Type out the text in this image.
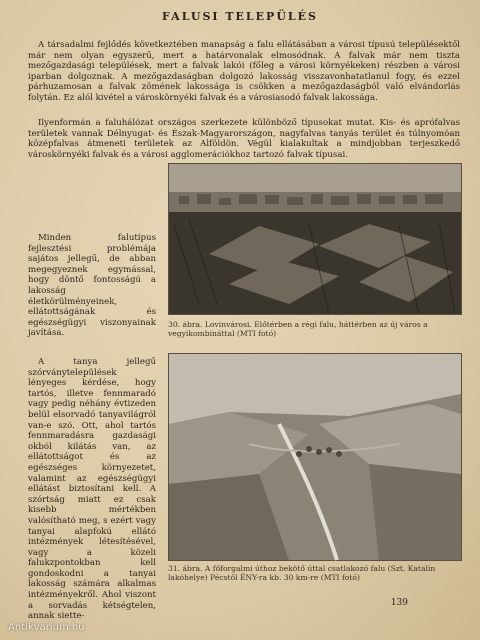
FALUSI TELEPÜLÉS
A társadalmi fejlődés következtében manapság a falu ellátásában a városi típusú településektől már nem olyan egyszerű, mert a határvonalak elmosódnak. A falvak már nem tiszta mezőgazdasági települések, mert a falvak lakói (főleg a városi környékeken) részben a városi iparban dolgoznak. A mezőgazdaságban dolgozó lakosság visszavonhatatlanul fogy, és ezzel párhuzamosan a falvak zömének lakossága is csökken a mezőgazdaságból való elvándorlás folytán. Ez alól kivétel a városkörnyéki falvak és a városiasodó falvak lakossága.
Ilyenformán a faluhálózat országos szerkezete különböző típusokat mutat. Kis- és aprófalvas területek vannak Délnyugat- és Észak-Magyarországon, nagyfalvas tanyás terület és túlnyomóan középfalvas átmeneti területek az Alföldön. Végül kialakultak a mindjobban terjeszkedő városkörnyéki falvak és a városi agglomerációkhoz tartozó falvak típusai.
Minden falutípus fejlesztési problémája sajátos jellegű, de abban megegyeznek egymással, hogy döntő fontosságú a lakosság életkörülményeinek, ellátottságának és egészségügyi viszonyainak javítása.
A tanya jellegű szórványtelepülések lényeges kérdése, hogy tartós, illetve fennmaradó vagy pedig néhány évtizeden belül elsorvadó tanyavilágról van-e szó. Ott, ahol tartós fennmaradásra gazdasági okból kilátás van, az ellátottságot és az egészséges környezetet, valamint az egészségügyi ellátást biztosítani kell. A szórtság miatt ez csak kisebb mértékben valósítható meg, s ezért vagy tanyai alapfokú ellátó intézmények létesítésével, vagy a közeli falukzpontokban kell gondoskodni a tanyai lakosság számára alkalmas intézményekről. Ahol viszont a sorvadás kétségtelen, annak siette-
30. ábra. Lovinvárosi. Előtérben a régi falu, háttérben az új város a vegyikombináttal (MTI fotó)
31. ábra. A főforgalmi úthoz bekötő úttal csatlakozó falu (Szt. Katalin lakóhelye) Pécstől ÉNY-ra kb. 30 km-re (MTI fotó)
139
Antikvarium.hu
